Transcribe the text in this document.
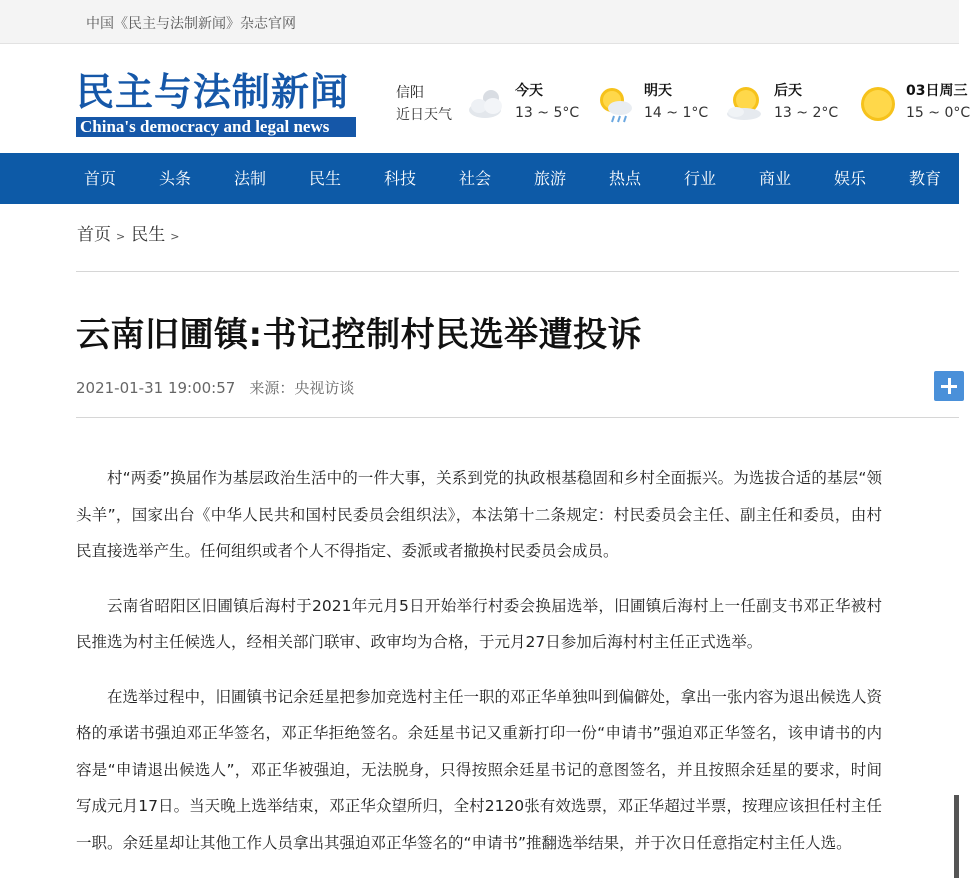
中国《民主与法制新闻》杂志官网
民主与法制新闻
China's democracy and legal news
信阳
近日天气
今天
13 ~ 5°C
明天
14 ~ 1°C
后天
13 ~ 2°C
03日周三
15 ~ 0°C
首页	头条	法制	民生	科技	社会	旅游	热点	行业	商业	娱乐	教育
首页 > 民生 >
云南旧圃镇:书记控制村民选举遭投诉
2021-01-31 19:00:57 来源：央视访谈

村“两委”换届作为基层政治生活中的一件大事，关系到党的执政根基稳固和乡村全面振兴。为选拔合适的基层“领头羊”，国家出台《中华人民共和国村民委员会组织法》，本法第十二条规定：村民委员会主任、副主任和委员，由村民直接选举产生。任何组织或者个人不得指定、委派或者撤换村民委员会成员。

云南省昭阳区旧圃镇后海村于2021年元月5日开始举行村委会换届选举，旧圃镇后海村上一任副支书邓正华被村民推选为村主任候选人，经相关部门联审、政审均为合格，于元月27日参加后海村村主任正式选举。

在选举过程中，旧圃镇书记余廷星把参加竞选村主任一职的邓正华单独叫到偏僻处，拿出一张内容为退出候选人资格的承诺书强迫邓正华签名，邓正华拒绝签名。余廷星书记又重新打印一份“申请书”强迫邓正华签名，该申请书的内容是“申请退出候选人”，邓正华被强迫，无法脱身，只得按照余廷星书记的意图签名，并且按照余廷星的要求，时间写成元月17日。当天晚上选举结束，邓正华众望所归，全村2120张有效选票，邓正华超过半票，按理应该担任村主任一职。余廷星却让其他工作人员拿出其强迫邓正华签名的“申请书”推翻选举结果，并于次日任意指定村主任人选。
